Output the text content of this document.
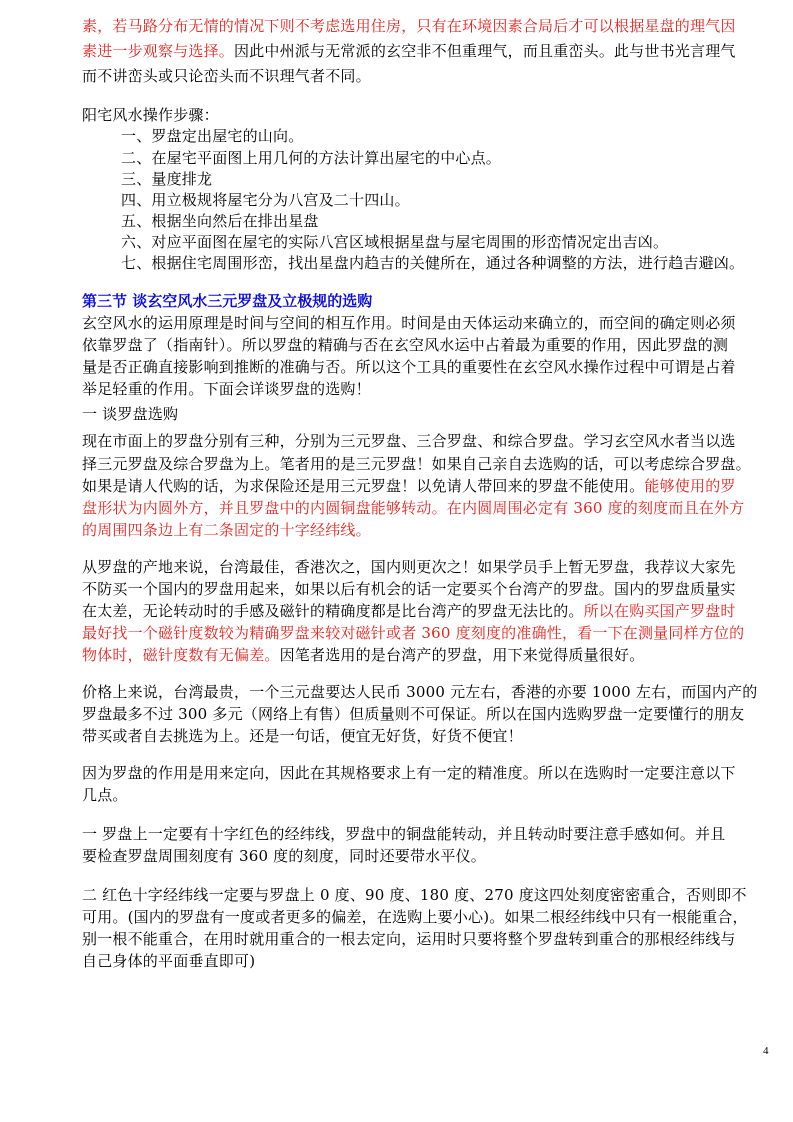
素，若马路分布无情的情况下则不考虑选用住房，只有在环境因素合局后才可以根据星盘的理气因
素进一步观察与选择。因此中州派与无常派的玄空非不但重理气，而且重峦头。此与世书光言理气
而不讲峦头或只论峦头而不识理气者不同。
阳宅风水操作步骤：
一、罗盘定出屋宅的山向。
二、在屋宅平面图上用几何的方法计算出屋宅的中心点。
三、量度排龙
四、用立极规将屋宅分为八宫及二十四山。
五、根据坐向然后在排出星盘
六、对应平面图在屋宅的实际八宫区域根据星盘与屋宅周围的形峦情况定出吉凶。
七、根据住宅周围形峦，找出星盘内趋吉的关健所在，通过各种调整的方法，进行趋吉避凶。
第三节 谈玄空风水三元罗盘及立极规的选购
玄空风水的运用原理是时间与空间的相互作用。时间是由天体运动来确立的，而空间的确定则必须
依靠罗盘了（指南针）。所以罗盘的精确与否在玄空风水运中占着最为重要的作用，因此罗盘的测
量是否正确直接影响到推断的准确与否。所以这个工具的重要性在玄空风水操作过程中可谓是占着
举足轻重的作用。下面会详谈罗盘的选购！
一 谈罗盘选购
现在市面上的罗盘分别有三种，分别为三元罗盘、三合罗盘、和综合罗盘。学习玄空风水者当以选
择三元罗盘及综合罗盘为上。笔者用的是三元罗盘！如果自己亲自去选购的话，可以考虑综合罗盘。
如果是请人代购的话，为求保险还是用三元罗盘！以免请人带回来的罗盘不能使用。能够使用的罗
盘形状为内圆外方，并且罗盘中的内圆铜盘能够转动。在内圆周围必定有 360 度的刻度而且在外方
的周围四条边上有二条固定的十字经纬线。
从罗盘的产地来说，台湾最佳，香港次之，国内则更次之！如果学员手上暂无罗盘，我荐议大家先
不防买一个国内的罗盘用起来，如果以后有机会的话一定要买个台湾产的罗盘。国内的罗盘质量实
在太差，无论转动时的手感及磁针的精确度都是比台湾产的罗盘无法比的。所以在购买国产罗盘时
最好找一个磁针度数较为精确罗盘来较对磁针或者 360 度刻度的准确性，看一下在测量同样方位的
物体时，磁针度数有无偏差。因笔者选用的是台湾产的罗盘，用下来觉得质量很好。
价格上来说，台湾最贵，一个三元盘要达人民币 3000 元左右，香港的亦要 1000 左右，而国内产的
罗盘最多不过 300 多元（网络上有售）但质量则不可保证。所以在国内选购罗盘一定要懂行的朋友
带买或者自去挑选为上。还是一句话，便宜无好货，好货不便宜！
因为罗盘的作用是用来定向，因此在其规格要求上有一定的精准度。所以在选购时一定要注意以下
几点。
一 罗盘上一定要有十字红色的经纬线，罗盘中的铜盘能转动，并且转动时要注意手感如何。并且
要检查罗盘周围刻度有 360 度的刻度，同时还要带水平仪。
二 红色十字经纬线一定要与罗盘上 0 度、90 度、180 度、270 度这四处刻度密密重合，否则即不
可用。(国内的罗盘有一度或者更多的偏差，在选购上要小心)。如果二根经纬线中只有一根能重合，
别一根不能重合，在用时就用重合的一根去定向，运用时只要将整个罗盘转到重合的那根经纬线与
自己身体的平面垂直即可)
4
